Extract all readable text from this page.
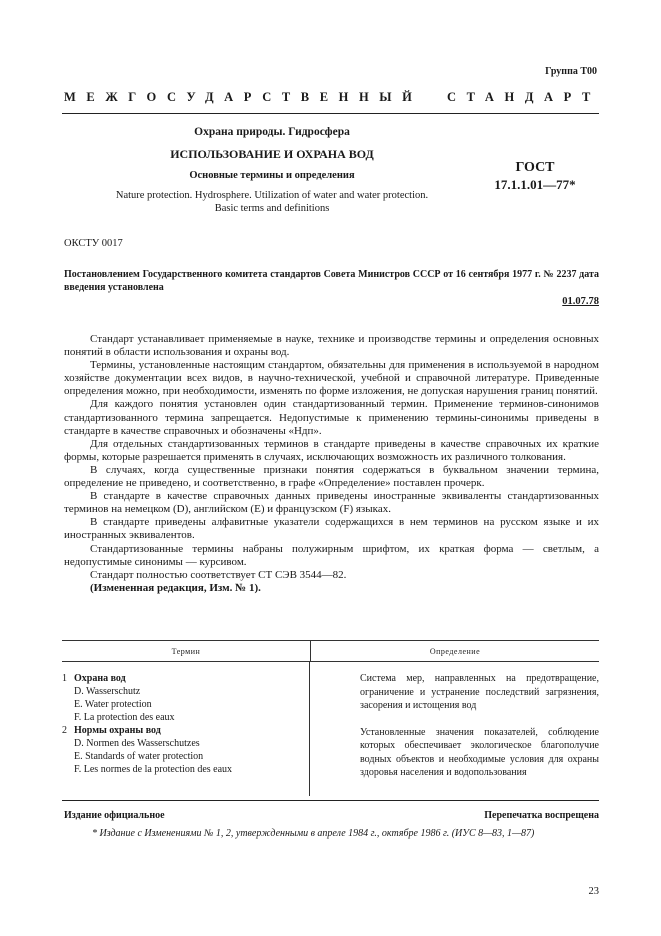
Группа Т00
МЕЖГОСУДАРСТВЕННЫЙ СТАНДАРТ
Охрана природы. Гидросфера
ИСПОЛЬЗОВАНИЕ И ОХРАНА ВОД
Основные термины и определения
Nature protection. Hydrosphere. Utilization of water and water protection.
Basic terms and definitions
ГОСТ
17.1.1.01—77*
ОКСТУ 0017
Постановлением Государственного комитета стандартов Совета Министров СССР от 16 сентября 1977 г. № 2237 дата введения установлена
01.07.78

Стандарт устанавливает применяемые в науке, технике и производстве термины и определения основных понятий в области использования и охраны вод.

Термины, установленные настоящим стандартом, обязательны для применения в используемой в народном хозяйстве документации всех видов, в научно-технической, учебной и справочной литературе. Приведенные определения можно, при необходимости, изменять по форме изложения, не допуская нарушения границ понятий.

Для каждого понятия установлен один стандартизованный термин. Применение терминов-синонимов стандартизованного термина запрещается. Недопустимые к применению термины-синонимы приведены в стандарте в качестве справочных и обозначены «Ндп».

Для отдельных стандартизованных терминов в стандарте приведены в качестве справочных их краткие формы, которые разрешается применять в случаях, исключающих возможность их различного толкования.

В случаях, когда существенные признаки понятия содержаться в буквальном значении термина, определение не приведено, и соответственно, в графе «Определение» поставлен прочерк.

В стандарте в качестве справочных данных приведены иностранные эквиваленты стандартизованных терминов на немецком (D), английском (E) и французском (F) языках.

В стандарте приведены алфавитные указатели содержащихся в нем терминов на русском языке и их иностранных эквивалентов.

Стандартизованные термины набраны полужирным шрифтом, их краткая форма — светлым, а недопустимые синонимы — курсивом.

Стандарт полностью соответствует СТ СЭВ 3544—82.

(Измененная редакция, Изм. № 1).

Термин	Определение
1 Охрана вод
D. Wasserschutz
E. Water protection
F. La protection des eaux
2 Нормы охраны вод
D. Normen des Wasserschutzes
E. Standards of water protection
F. Les normes de la protection des eaux

Система мер, направленных на предотвращение, ограничение и устранение последствий загрязнения, засорения и истощения вод

Установленные значения показателей, соблюдение которых обеспечивает экологическое благополучие водных объектов и необходимые условия для охраны здоровья населения и водопользования

Издание официальное	Перепечатка воспрещена
* Издание с Изменениями № 1, 2, утвержденными в апреле 1984 г., октябре 1986 г. (ИУС 8—83, 1—87)
23
